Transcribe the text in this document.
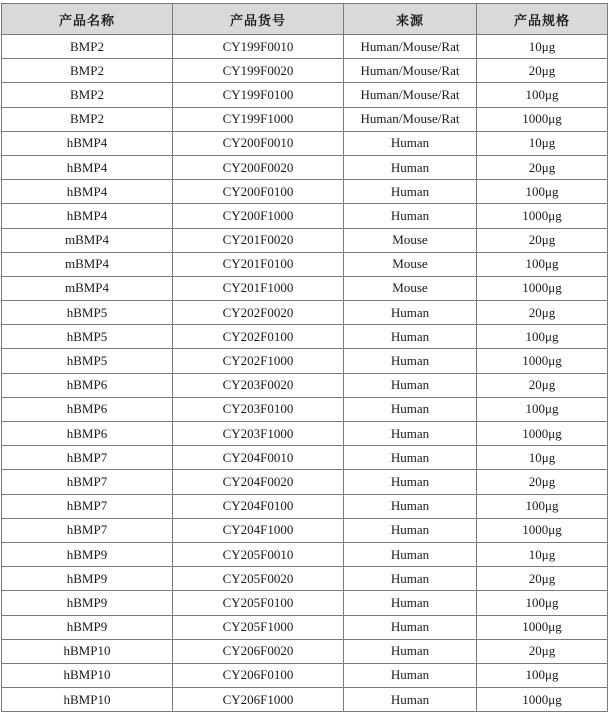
产品名称	产品货号	来源	产品规格
BMP2	CY199F0010	Human/Mouse/Rat	10μg
BMP2	CY199F0020	Human/Mouse/Rat	20μg
BMP2	CY199F0100	Human/Mouse/Rat	100μg
BMP2	CY199F1000	Human/Mouse/Rat	1000μg
hBMP4	CY200F0010	Human	10μg
hBMP4	CY200F0020	Human	20μg
hBMP4	CY200F0100	Human	100μg
hBMP4	CY200F1000	Human	1000μg
mBMP4	CY201F0020	Mouse	20μg
mBMP4	CY201F0100	Mouse	100μg
mBMP4	CY201F1000	Mouse	1000μg
hBMP5	CY202F0020	Human	20μg
hBMP5	CY202F0100	Human	100μg
hBMP5	CY202F1000	Human	1000μg
hBMP6	CY203F0020	Human	20μg
hBMP6	CY203F0100	Human	100μg
hBMP6	CY203F1000	Human	1000μg
hBMP7	CY204F0010	Human	10μg
hBMP7	CY204F0020	Human	20μg
hBMP7	CY204F0100	Human	100μg
hBMP7	CY204F1000	Human	1000μg
hBMP9	CY205F0010	Human	10μg
hBMP9	CY205F0020	Human	20μg
hBMP9	CY205F0100	Human	100μg
hBMP9	CY205F1000	Human	1000μg
hBMP10	CY206F0020	Human	20μg
hBMP10	CY206F0100	Human	100μg
hBMP10	CY206F1000	Human	1000μg
